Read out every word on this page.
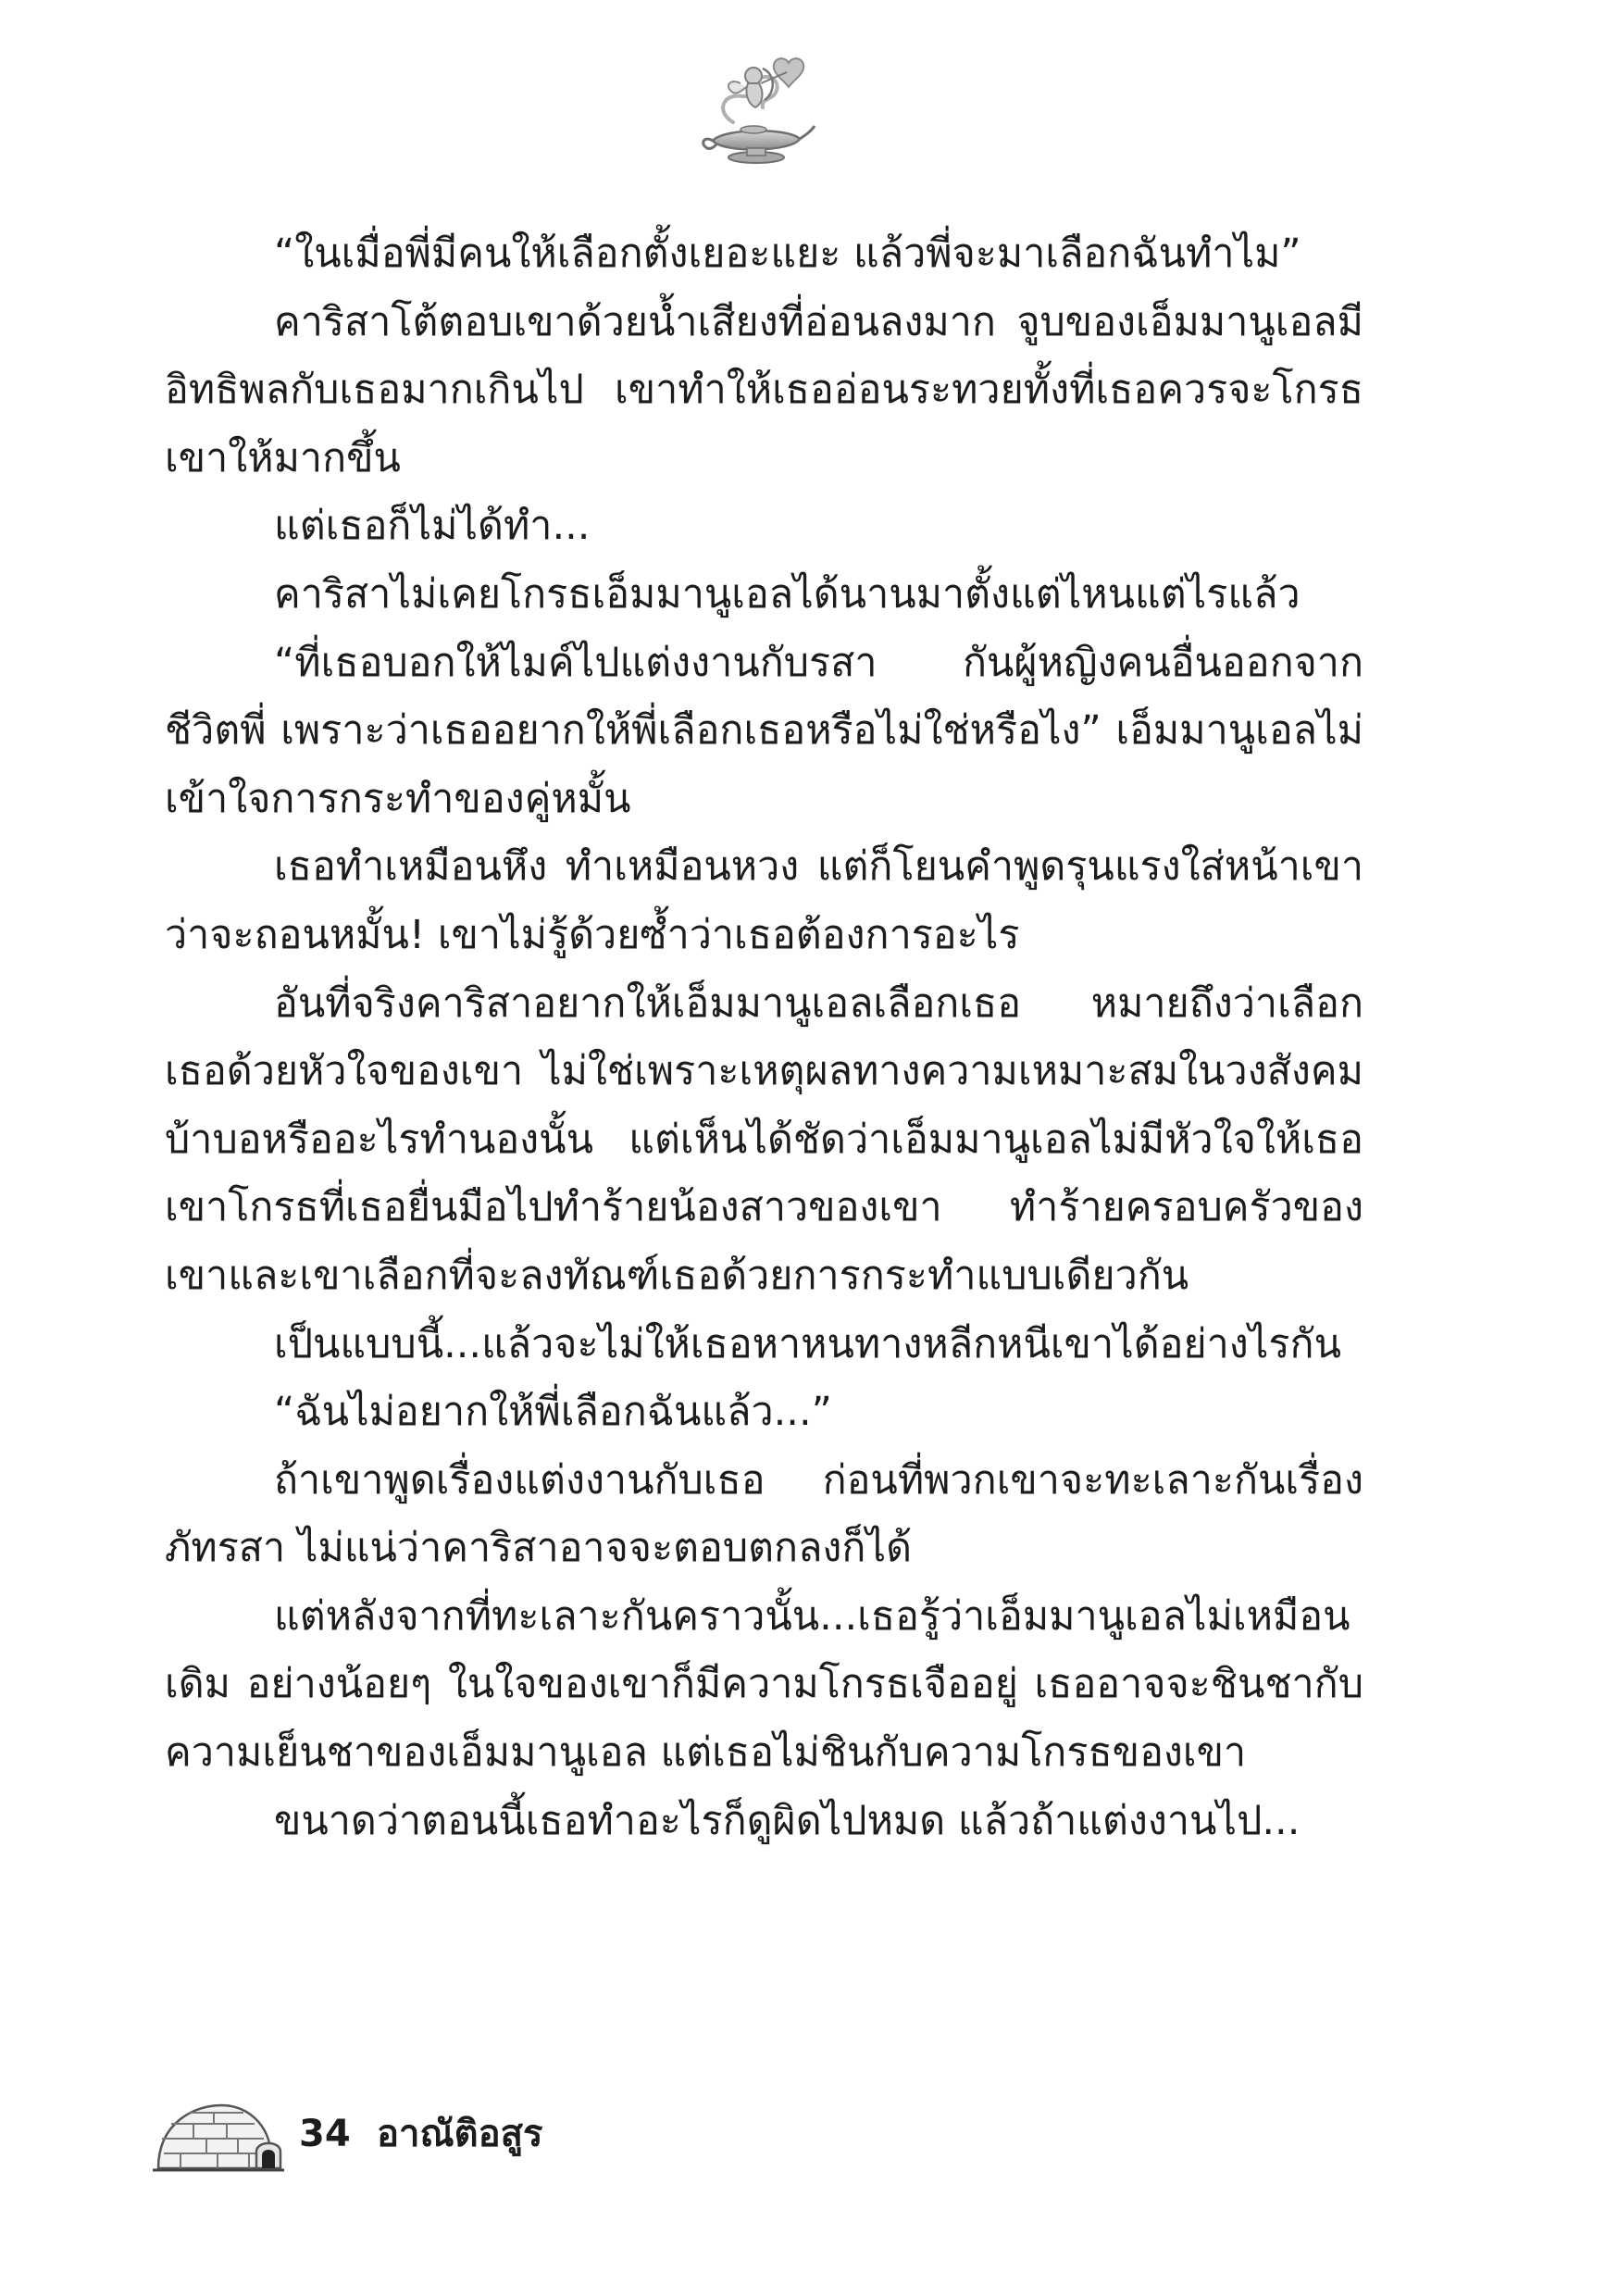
“ในเมื่อพี่มีคนให้เลือกตั้งเยอะแยะ แล้วพี่จะมาเลือกฉันทำไม”

คาริสาโต้ตอบเขาด้วยน้ำเสียงที่อ่อนลงมาก จูบของเอ็มมานูเอลมีอิทธิพลกับเธอมากเกินไป เขาทำให้เธออ่อนระทวยทั้งที่เธอควรจะโกรธเขาให้มากขึ้น

แต่เธอก็ไม่ได้ทำ...

คาริสาไม่เคยโกรธเอ็มมานูเอลได้นานมาตั้งแต่ไหนแต่ไรแล้ว

“ที่เธอบอกให้ไมค์ไปแต่งงานกับรสา กันผู้หญิงคนอื่นออกจากชีวิตพี่ เพราะว่าเธออยากให้พี่เลือกเธอหรือไม่ใช่หรือไง” เอ็มมานูเอลไม่เข้าใจการกระทำของคู่หมั้น

เธอทำเหมือนหึง ทำเหมือนหวง แต่ก็โยนคำพูดรุนแรงใส่หน้าเขาว่าจะถอนหมั้น! เขาไม่รู้ด้วยซ้ำว่าเธอต้องการอะไร

อันที่จริงคาริสาอยากให้เอ็มมานูเอลเลือกเธอ หมายถึงว่าเลือกเธอด้วยหัวใจของเขา ไม่ใช่เพราะเหตุผลทางความเหมาะสมในวงสังคมบ้าบอหรืออะไรทำนองนั้น แต่เห็นได้ชัดว่าเอ็มมานูเอลไม่มีหัวใจให้เธอเขาโกรธที่เธอยื่นมือไปทำร้ายน้องสาวของเขา ทำร้ายครอบครัวของเขาและเขาเลือกที่จะลงทัณฑ์เธอด้วยการกระทำแบบเดียวกัน

เป็นแบบนี้...แล้วจะไม่ให้เธอหาหนทางหลีกหนีเขาได้อย่างไรกัน

“ฉันไม่อยากให้พี่เลือกฉันแล้ว...”

ถ้าเขาพูดเรื่องแต่งงานกับเธอ ก่อนที่พวกเขาจะทะเลาะกันเรื่องภัทรสา ไม่แน่ว่าคาริสาอาจจะตอบตกลงก็ได้

แต่หลังจากที่ทะเลาะกันคราวนั้น...เธอรู้ว่าเอ็มมานูเอลไม่เหมือนเดิม อย่างน้อยๆ ในใจของเขาก็มีความโกรธเจืออยู่ เธออาจจะชินชากับความเย็นชาของเอ็มมานูเอล แต่เธอไม่ชินกับความโกรธของเขา

ขนาดว่าตอนนี้เธอทำอะไรก็ดูผิดไปหมด แล้วถ้าแต่งงานไป...

34 อาณัติอสูร
